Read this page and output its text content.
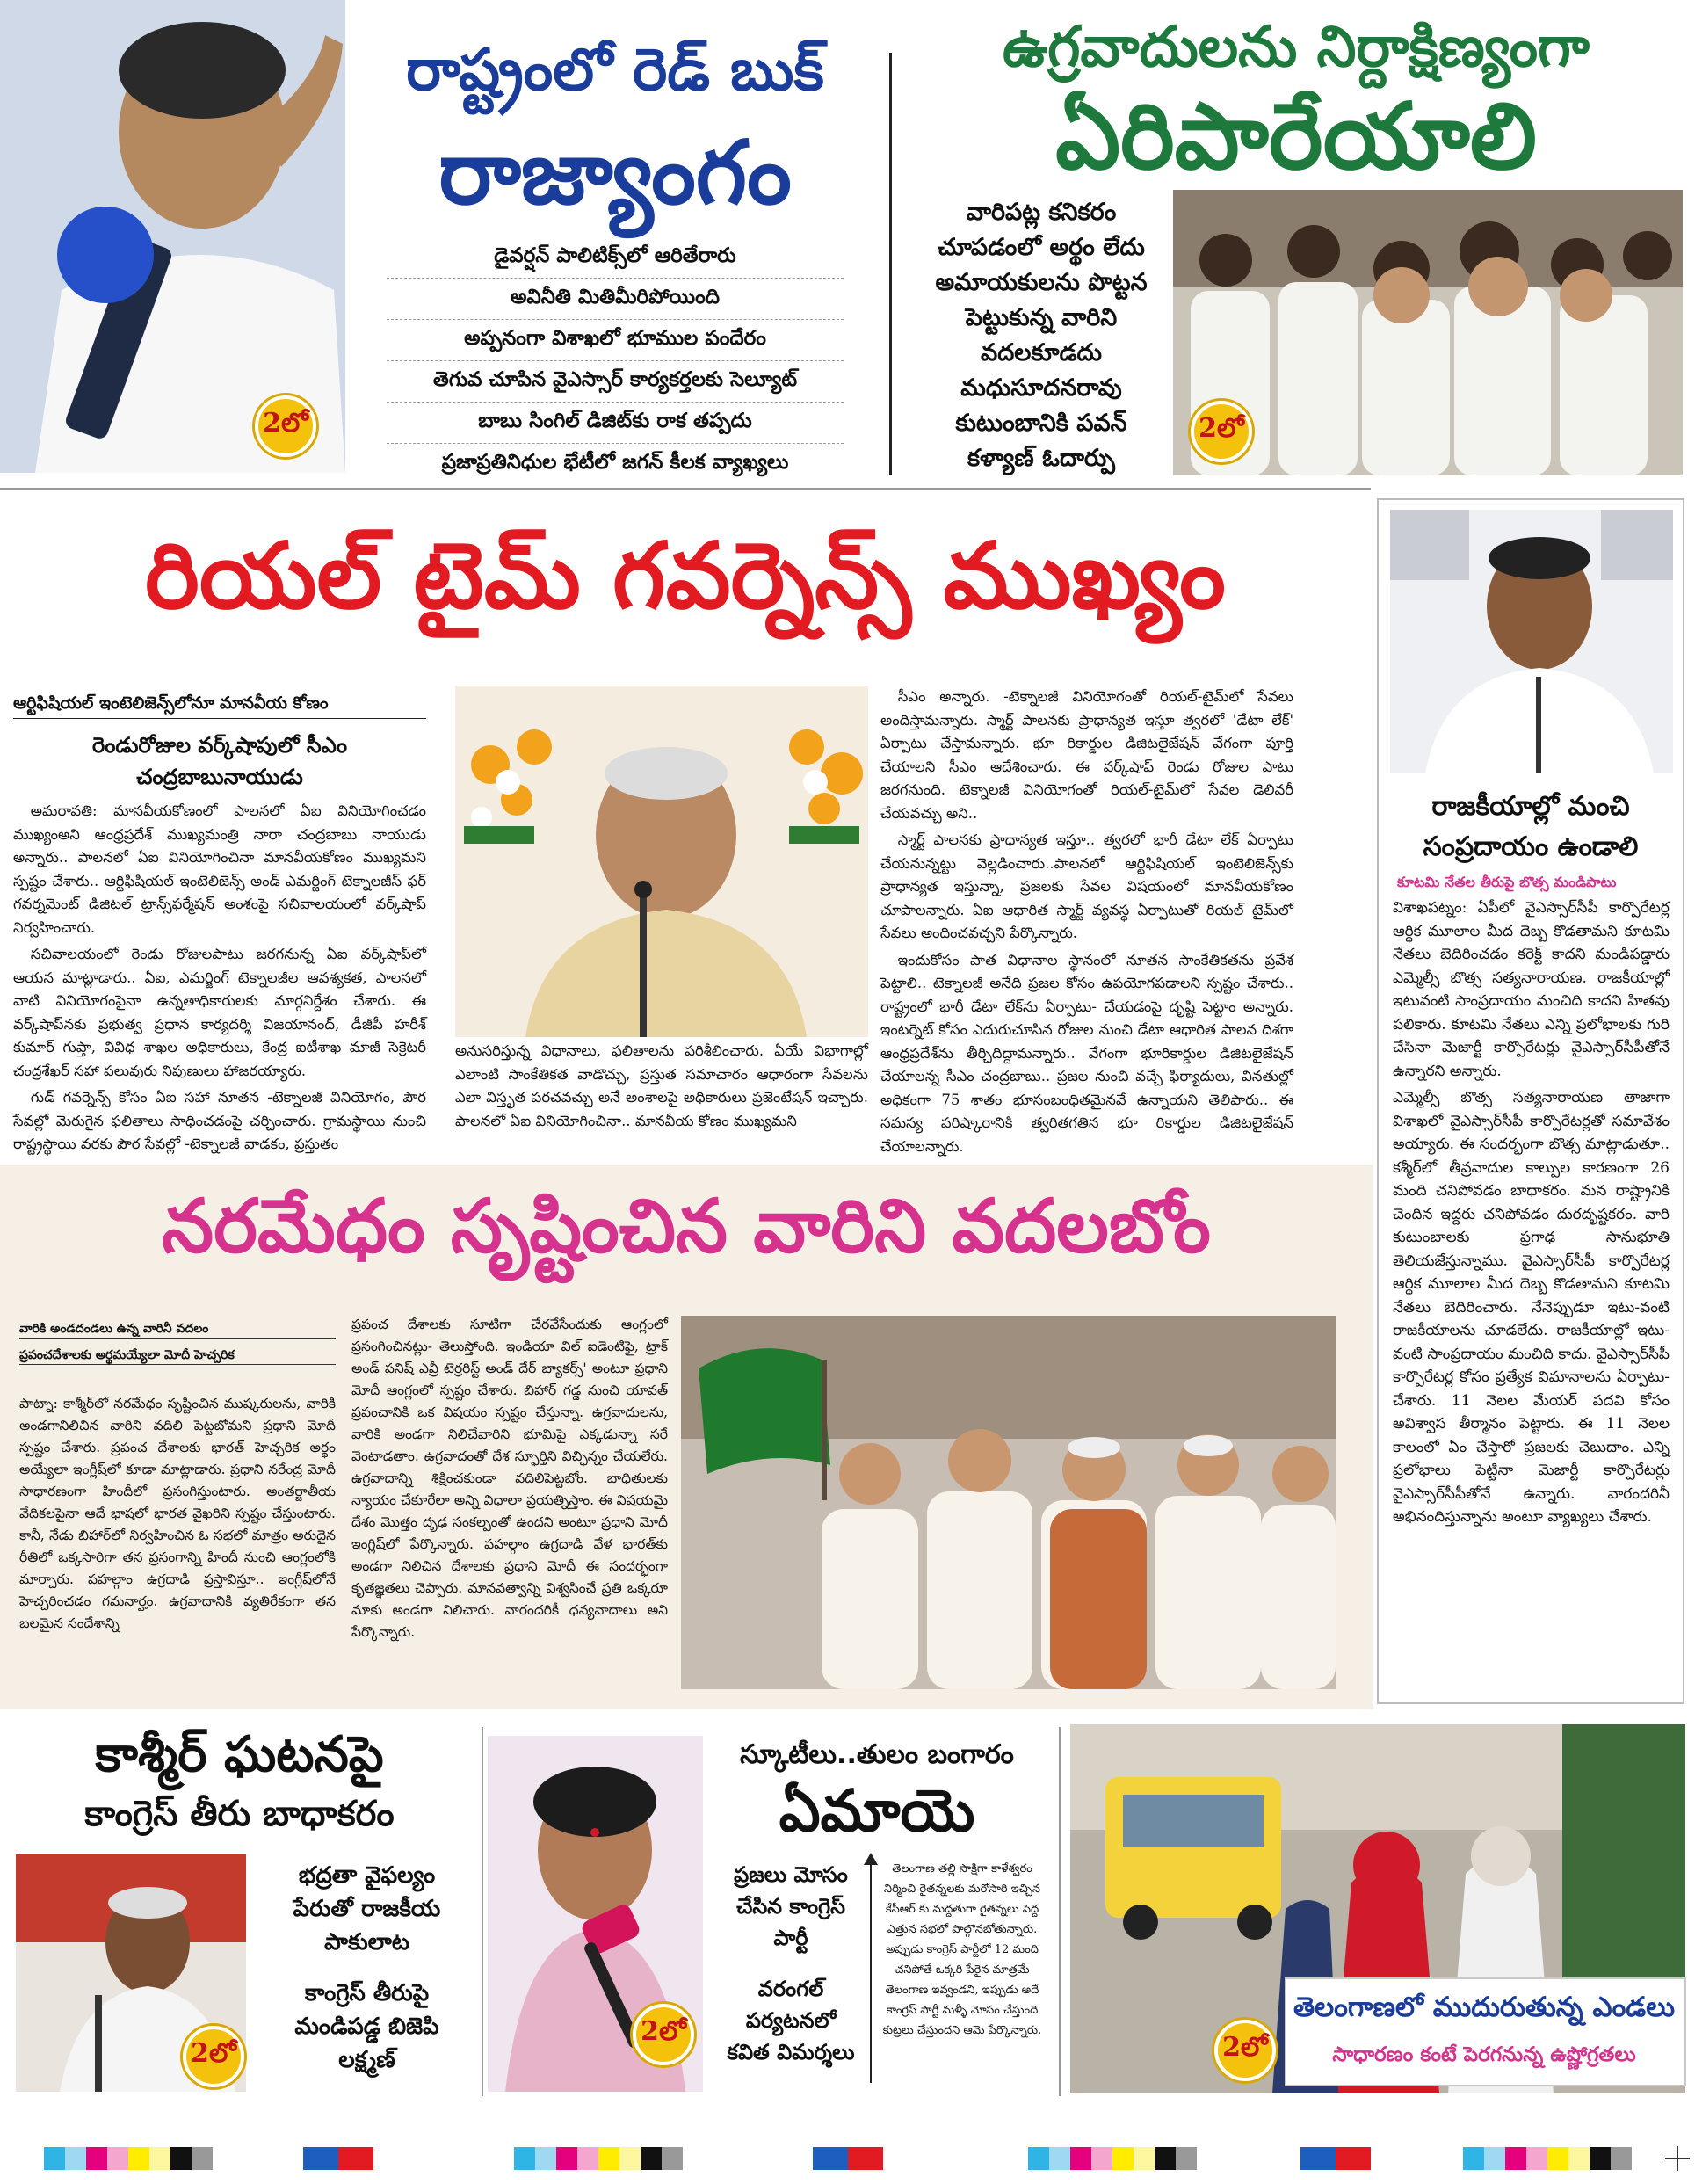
2లో
రాష్ట్రంలో రెడ్ బుక్
రాజ్యాంగం
డైవర్షన్ పాలిటిక్స్‌లో ఆరితేరారు
అవినీతి మితిమీరిపోయింది
అప్పనంగా విశాఖలో భూముల పందేరం
తెగువ చూపిన వైఎస్సార్ కార్యకర్తలకు సెల్యూట్
బాబు సింగిల్ డిజిట్‌కు రాక తప్పదు
ప్రజాప్రతినిధుల భేటీలో జగన్ కీలక వ్యాఖ్యలు
ఉగ్రవాదులను నిర్దాక్షిణ్యంగా
ఏరిపారేయాలి
వారిపట్ల కనికరం
చూపడంలో అర్థం లేదు
అమాయకులను పొట్టన
పెట్టుకున్న వారిని
వదలకూడదు
మధుసూదనరావు
కుటుంబానికి పవన్
కళ్యాణ్ ఓదార్పు
2లో
రియల్ టైమ్ గవర్నెన్స్ ముఖ్యం
ఆర్టిఫిషియల్ ఇంటెలిజెన్స్‌లోనూ మానవీయ కోణం
రెండురోజుల వర్క్‌షాపులో సీఎం
చంద్రబాబునాయుడు

అమరావతి: మానవీయకోణంలో పాలనలో ఏఐ వినియోగించడం ముఖ్యంఅని ఆంధ్రప్రదేశ్ ముఖ్యమంత్రి నారా చంద్రబాబు నాయుడు అన్నారు.. పాలనలో ఏఐ వినియోగించినా మానవీయకోణం ముఖ్యమని స్పష్టం చేశారు.. ఆర్టిఫిషియల్ ఇంటెలిజెన్స్ అండ్ ఎమర్జింగ్ టెక్నాలజీస్ ఫర్ గవర్నమెంట్ డిజిటల్ ట్రాన్స్‌ఫర్మేషన్ అంశంపై సచివాలయంలో వర్క్‌షాప్ నిర్వహించారు.

సచివాలయంలో రెండు రోజులపాటు జరగనున్న ఏఐ వర్క్‌షాప్‌లో ఆయన మాట్లాడారు.. ఏఐ, ఎమర్జింగ్ టెక్నాలజీల ఆవశ్యకత, పాలనలో వాటి వినియోగంపైనా ఉన్నతాధికారులకు మార్గనిర్దేశం చేశారు. ఈ వర్క్‌షాప్‌నకు ప్రభుత్వ ప్రధాన కార్యదర్శి విజయానంద్, డీజీపీ హరీశ్ కుమార్ గుప్తా, వివిధ శాఖల అధికారులు, కేంద్ర ఐటీశాఖ మాజీ సెక్రెటరీ చంద్రశేఖర్ సహా పలువురు నిపుణులు హాజరయ్యారు.

గుడ్ గవర్నెన్స్ కోసం ఏఐ సహా నూతన -టెక్నాలజీ వినియోగం, పౌర సేవల్లో మెరుగైన ఫలితాలు సాధించడంపై చర్చించారు. గ్రామస్థాయి నుంచి రాష్ట్రస్థాయి వరకు పౌర సేవల్లో -టెక్నాలజీ వాడకం, ప్రస్తుతం

అనుసరిస్తున్న విధానాలు, ఫలితాలను పరిశీలించారు. ఏయే విభాగాల్లో ఎలాంటి సాంకేతికత వాడొచ్చు, ప్రస్తుత సమాచారం ఆధారంగా సేవలను ఎలా విస్తృత పరచవచ్చు అనే అంశాలపై అధికారులు ప్రజెంటేషన్ ఇచ్చారు. పాలనలో ఏఐ వినియోగించినా.. మానవీయ కోణం ముఖ్యమని

సీఎం అన్నారు. -టెక్నాలజీ వినియోగంతో రియల్-టైమ్‌లో సేవలు అందిస్తామన్నారు. స్మార్ట్ పాలనకు ప్రాధాన్యత ఇస్తూ త్వరలో 'డేటా లేక్' ఏర్పాటు చేస్తామన్నారు. భూ రికార్డుల డిజిటలైజేషన్ వేగంగా పూర్తి చేయాలని సీఎం ఆదేశించారు. ఈ వర్క్‌షాప్ రెండు రోజుల పాటు జరగనుంది. టెక్నాలజీ వినియోగంతో రియల్-టైమ్‌లో సేవల డెలివరీ చేయవచ్చు అని..

స్మార్ట్ పాలనకు ప్రాధాన్యత ఇస్తూ.. త్వరలో భారీ డేటా లేక్ ఏర్పాటు చేయనున్నట్టు వెల్లడించారు..పాలనలో ఆర్టిఫిషియల్ ఇంటెలిజెన్స్‌కు ప్రాధాన్యత ఇస్తున్నా, ప్రజలకు సేవల విషయంలో మానవీయకోణం చూపాలన్నారు. ఏఐ ఆధారిత స్మార్ట్ వ్యవస్థ ఏర్పాటుతో రియల్ టైమ్‌లో సేవలు అందించవచ్చని పేర్కొన్నారు.

ఇందుకోసం పాత విధానాల స్థానంలో నూతన సాంకేతికతను ప్రవేశ పెట్టాలి.. టెక్నాలజీ అనేది ప్రజల కోసం ఉపయోగపడాలని స్పష్టం చేశారు.. రాష్ట్రంలో భారీ డేటా లేక్‌ను ఏర్పాటు- చేయడంపై దృష్టి పెట్టాం అన్నారు. ఇంటర్నెట్ కోసం ఎదురుచూసిన రోజుల నుంచి డేటా ఆధారిత పాలన దిశగా ఆంధ్రప్రదేశ్‌ను తీర్చిదిద్దామన్నారు.. వేగంగా భూరికార్డుల డిజిటలైజేషన్ చేయాలన్న సీఎం చంద్రబాబు.. ప్రజల నుంచి వచ్చే ఫిర్యాదులు, వినతుల్లో అధికంగా 75 శాతం భూసంబంధితమైనవే ఉన్నాయని తెలిపారు.. ఈ సమస్య పరిష్కారానికి త్వరితగతిన భూ రికార్డుల డిజిటలైజేషన్ చేయాలన్నారు.

రాజకీయాల్లో మంచి
సంప్రదాయం ఉండాలి
కూటమి నేతల తీరుపై బొత్స మండిపాటు

విశాఖపట్నం: ఏపీలో వైఎస్సార్‌సీపీ కార్పొరేటర్ల ఆర్థిక మూలాల మీద దెబ్బ కొడతామని కూటమి నేతలు బెదిరించడం కరెక్ట్ కాదని మండిపడ్డారు ఎమ్మెల్సీ బొత్స సత్యనారాయణ. రాజకీయాల్లో ఇటువంటి సాంప్రదాయం మంచిది కాదని హితవు పలికారు. కూటమి నేతలు ఎన్ని ప్రలోభాలకు గురి చేసినా మెజార్టీ కార్పొరేటర్లు వైఎస్సార్‌సీపీతోనే ఉన్నారని అన్నారు.

ఎమ్మెల్సీ బొత్స సత్యనారాయణ తాజాగా విశాఖలో వైఎస్సార్‌సీపీ కార్పొరేటర్లతో సమావేశం అయ్యారు. ఈ సందర్భంగా బొత్స మాట్లాడుతూ.. కశ్మీర్‌లో తీవ్రవాదుల కాల్పుల కారణంగా 26 మంది చనిపోవడం బాధాకరం. మన రాష్ట్రానికి చెందిన ఇద్దరు చనిపోవడం దురదృష్టకరం. వారి కుటుంబాలకు ప్రగాఢ సానుభూతి తెలియజేస్తున్నాము. వైఎస్సార్‌సీపీ కార్పొరేటర్ల ఆర్థిక మూలాల మీద దెబ్బ కొడతామని కూటమి నేతలు బెదిరించారు. నేనెప్పుడూ ఇటు-వంటి రాజకీయాలను చూడలేదు. రాజకీయాల్లో ఇటు-వంటి సాంప్రదాయం మంచిది కాదు. వైఎస్సార్‌సీపీ కార్పొరేటర్ల కోసం ప్రత్యేక విమానాలను ఏర్పాటు- చేశారు. 11 నెలల మేయర్ పదవి కోసం అవిశ్వాస తీర్మానం పెట్టారు. ఈ 11 నెలల కాలంలో ఏం చేస్తారో ప్రజలకు చెబుదాం. ఎన్ని ప్రలోభాలు పెట్టినా మెజార్టీ కార్పొరేటర్లు వైఎస్సార్‌సీపీతోనే ఉన్నారు. వారందరినీ అభినందిస్తున్నాను అంటూ వ్యాఖ్యలు చేశారు.

నరమేధం సృష్టించిన వారిని వదలబోం
వారికి అండదండలు ఉన్న వారినీ వదలం
ప్రపంచదేశాలకు అర్థమయ్యేలా మోదీ హెచ్చరిక

పాట్నా: కాశ్మీర్‌లో నరమేధం సృష్టించిన ముష్కరులను, వారికి అండగానిలిచిన వారిని వదిలి పెట్టబోమని ప్రధాని మోదీ స్పష్టం చేశారు. ప్రపంచ దేశాలకు భారత్ హెచ్చరిక అర్థం అయ్యేలా ఇంగ్లీష్‌లో కూడా మాట్లాడారు. ప్రధాని నరేంద్ర మోదీ సాధారణంగా హిందీలో ప్రసంగిస్తుంటారు. అంతర్జాతీయ వేదికలపైనా ఆదే భాషలో భారత వైఖరిని స్పష్టం చేస్తుంటారు. కానీ, నేడు బిహార్‌లో నిర్వహించిన ఓ సభలో మాత్రం అరుదైన రీతిలో ఒక్కసారిగా తన ప్రసంగాన్ని హిందీ నుంచి ఆంగ్లంలోకి మార్చారు. పహల్గాం ఉగ్రదాడి ప్రస్తావిస్తూ.. ఇంగ్లీష్‌లోనే హెచ్చరించడం గమనార్హం. ఉగ్రవాదానికి వ్యతిరేకంగా తన బలమైన సందేశాన్ని

ప్రపంచ దేశాలకు సూటిగా చేరవేసేందుకు ఆంగ్లంలో ప్రసంగించినట్లు- తెలుస్తోంది. ఇండియా విల్ ఐడెంటిఫై, ట్రాక్ అండ్ పనిష్ ఎవ్రీ టెర్రరిస్ట్ అండ్ దేర్ బ్యాకర్స్' అంటూ ప్రధాని మోదీ ఆంగ్లంలో స్పష్టం చేశారు. బిహార్ గడ్డ నుంచి యావత్ ప్రపంచానికి ఒక విషయం స్పష్టం చేస్తున్నా. ఉగ్రవాదులను, వారికి అండగా నిలిచేవారిని భూమిపై ఎక్కడున్నా సరే వెంటాడతాం. ఉగ్రవాదంతో దేశ స్ఫూర్తిని విచ్ఛిన్నం చేయలేరు. ఉగ్రవాదాన్ని శిక్షించకుండా వదిలిపెట్టబోం. బాధితులకు న్యాయం చేకూరేలా అన్ని విధాలా ప్రయత్నిస్తాం. ఈ విషయమై దేశం మొత్తం దృఢ సంకల్పంతో ఉందని అంటూ ప్రధాని మోదీ ఇంగ్లిష్‌లో పేర్కొన్నారు. పహల్గాం ఉగ్రదాడి వేళ భారత్‌కు అండగా నిలిచిన దేశాలకు ప్రధాని మోదీ ఈ సందర్భంగా కృతజ్ఞతలు చెప్పారు. మానవత్వాన్ని విశ్వసించే ప్రతి ఒక్కరూ మాకు అండగా నిలిచారు. వారందరికీ ధన్యవాదాలు అని పేర్కొన్నారు.

కాశ్మీర్ ఘటనపై
కాంగ్రెస్ తీరు బాధాకరం
2లో
భద్రతా వైఫల్యం
పేరుతో రాజకీయ
పాకులాట
కాంగ్రెస్ తీరుపై
మండిపడ్డ బిజెపి
లక్ష్మణ్
2లో
స్కూటీలు..తులం బంగారం
ఏమాయె
ప్రజలు మోసం
చేసిన కాంగ్రెస్
పార్టీ
వరంగల్
పర్యటనలో
కవిత విమర్శలు
తెలంగాణ తల్లి సాక్షిగా కాళేశ్వరం నిర్మించి రైతన్నలకు మరోసారి ఇచ్చిన కేసీఆర్ కు మద్దతుగా రైతన్నలు పెద్ద ఎత్తున సభలో పాల్గొనబోతున్నారు. అప్పుడు కాంగ్రెస్ పార్టీలో 12 మంది చనిపోతే ఒక్కరి పేరైన మాత్రమే తెలంగాణ ఇవ్వండని, ఇప్పుడు అదే కాంగ్రెస్ పార్టీ మళ్ళీ మోసం చేస్తుంది కుట్రలు చేస్తుందని ఆమె పేర్కొన్నారు.
2లో
తెలంగాణలో ముదురుతున్న ఎండలు
సాధారణం కంటే పెరగనున్న ఉష్ణోగ్రతలు
